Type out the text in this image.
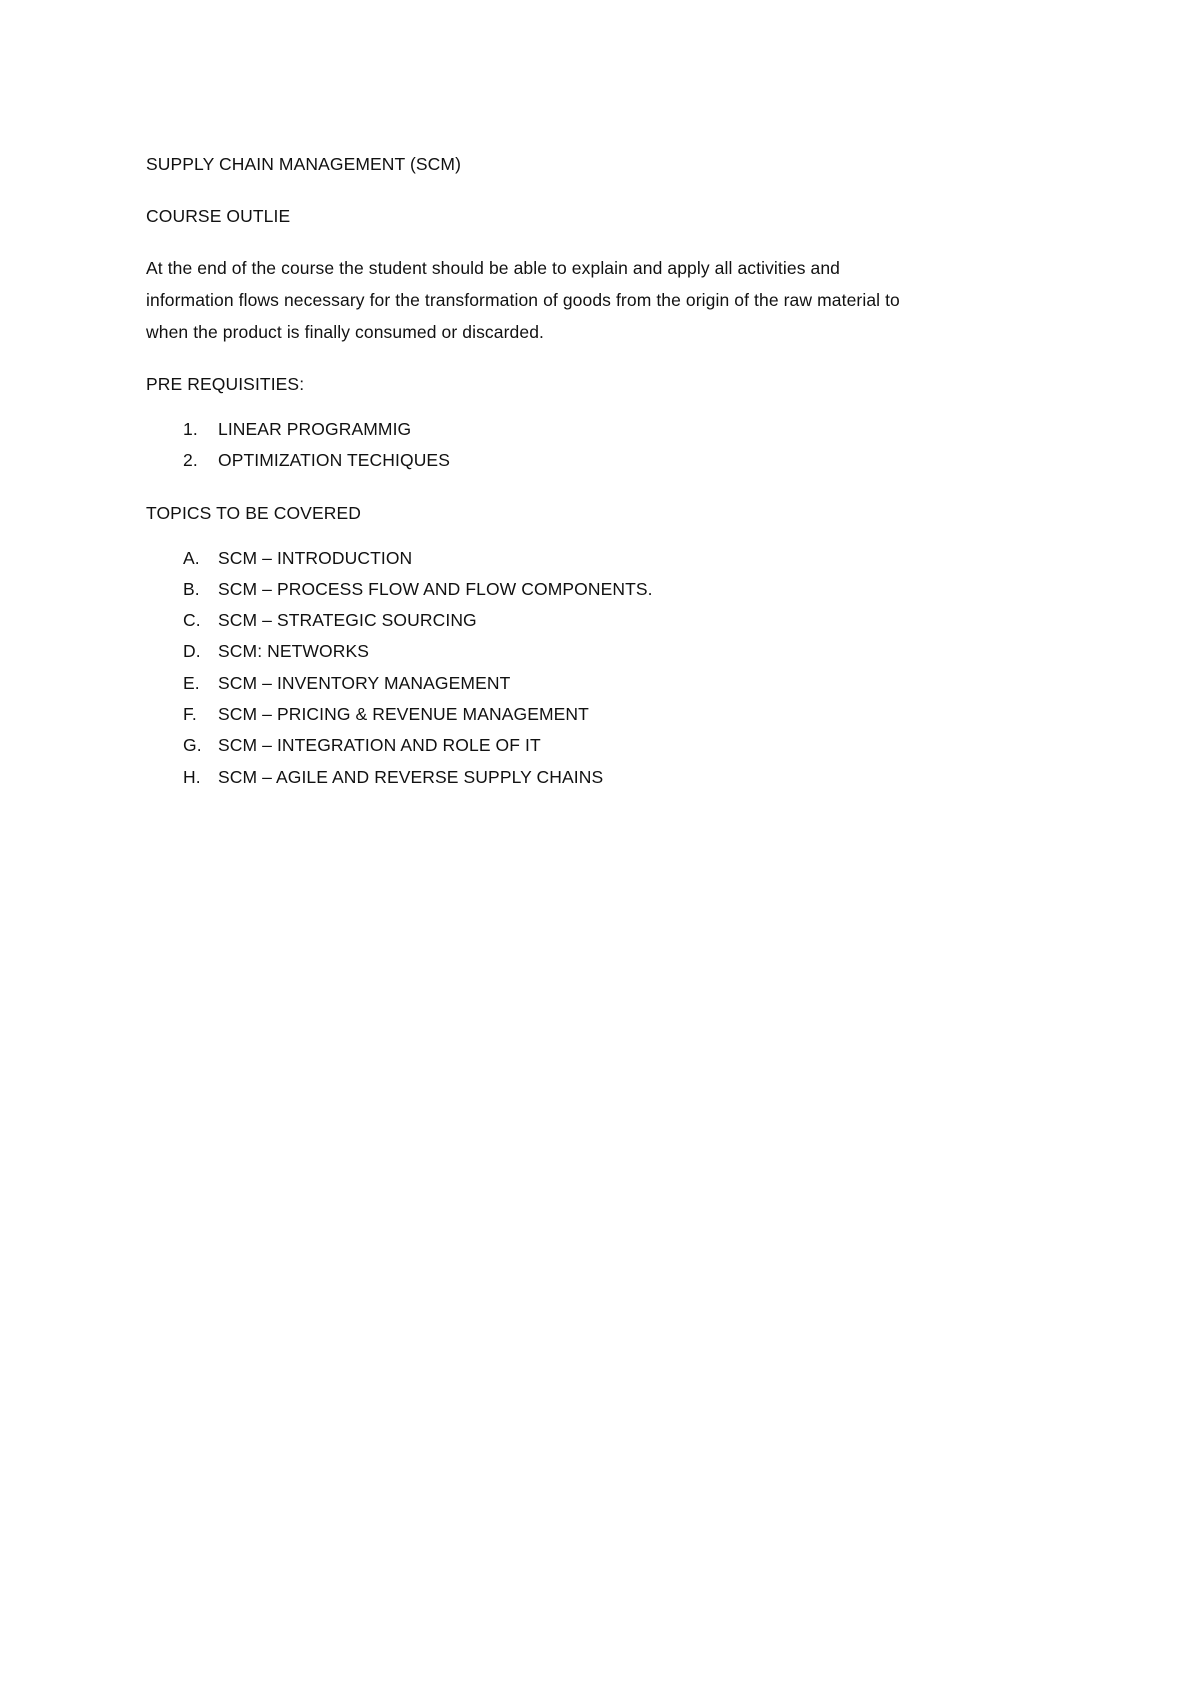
SUPPLY CHAIN MANAGEMENT (SCM)

COURSE OUTLIE

At the end of the course the student should be able to explain and apply all activities and

information flows necessary for the transformation of goods from the origin of the raw material to

when the product is finally consumed or discarded.

PRE REQUISITIES:

1.	LINEAR PROGRAMMIG
2.	OPTIMIZATION TECHIQUES

TOPICS TO BE COVERED

A.	SCM – INTRODUCTION
B.	SCM – PROCESS FLOW AND FLOW COMPONENTS.
C. SCM – STRATEGIC SOURCING
D. SCM: NETWORKS
E.	SCM – INVENTORY MANAGEMENT
F.	SCM – PRICING & REVENUE MANAGEMENT
G. SCM – INTEGRATION AND ROLE OF IT
H. SCM – AGILE AND REVERSE SUPPLY CHAINS
